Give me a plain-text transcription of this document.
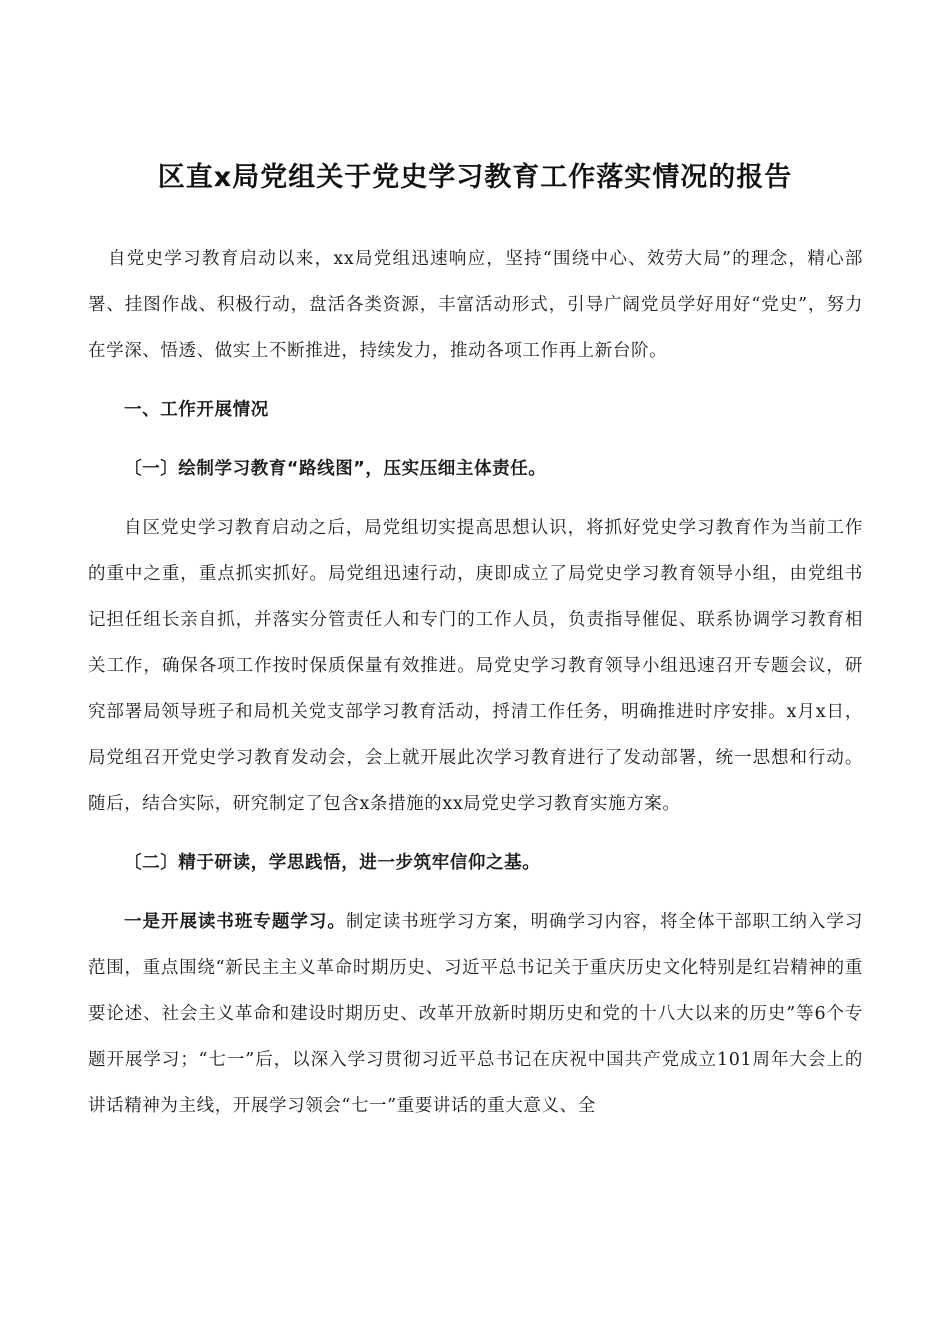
区直x局党组关于党史学习教育工作落实情况的报告

自党史学习教育启动以来，xx局党组迅速响应，坚持“围绕中心、效劳大局”的理念，精心部署、挂图作战、积极行动，盘活各类资源，丰富活动形式，引导广阔党员学好用好“党史”，努力在学深、悟透、做实上不断推进，持续发力，推动各项工作再上新台阶。

一、工作开展情况

〔一〕绘制学习教育“路线图”，压实压细主体责任。

自区党史学习教育启动之后，局党组切实提高思想认识，将抓好党史学习教育作为当前工作的重中之重，重点抓实抓好。局党组迅速行动，庚即成立了局党史学习教育领导小组，由党组书记担任组长亲自抓，并落实分管责任人和专门的工作人员，负责指导催促、联系协调学习教育相关工作，确保各项工作按时保质保量有效推进。局党史学习教育领导小组迅速召开专题会议，研究部署局领导班子和局机关党支部学习教育活动，捋清工作任务，明确推进时序安排。x月x日，局党组召开党史学习教育发动会，会上就开展此次学习教育进行了发动部署，统一思想和行动。随后，结合实际，研究制定了包含x条措施的xx局党史学习教育实施方案。

〔二〕精于研读，学思践悟，进一步筑牢信仰之基。

一是开展读书班专题学习。制定读书班学习方案，明确学习内容，将全体干部职工纳入学习范围，重点围绕“新民主主义革命时期历史、习近平总书记关于重庆历史文化特别是红岩精神的重要论述、社会主义革命和建设时期历史、改革开放新时期历史和党的十八大以来的历史”等6个专题开展学习；“七一”后，以深入学习贯彻习近平总书记在庆祝中国共产党成立101周年大会上的讲话精神为主线，开展学习领会“七一”重要讲话的重大意义、全
